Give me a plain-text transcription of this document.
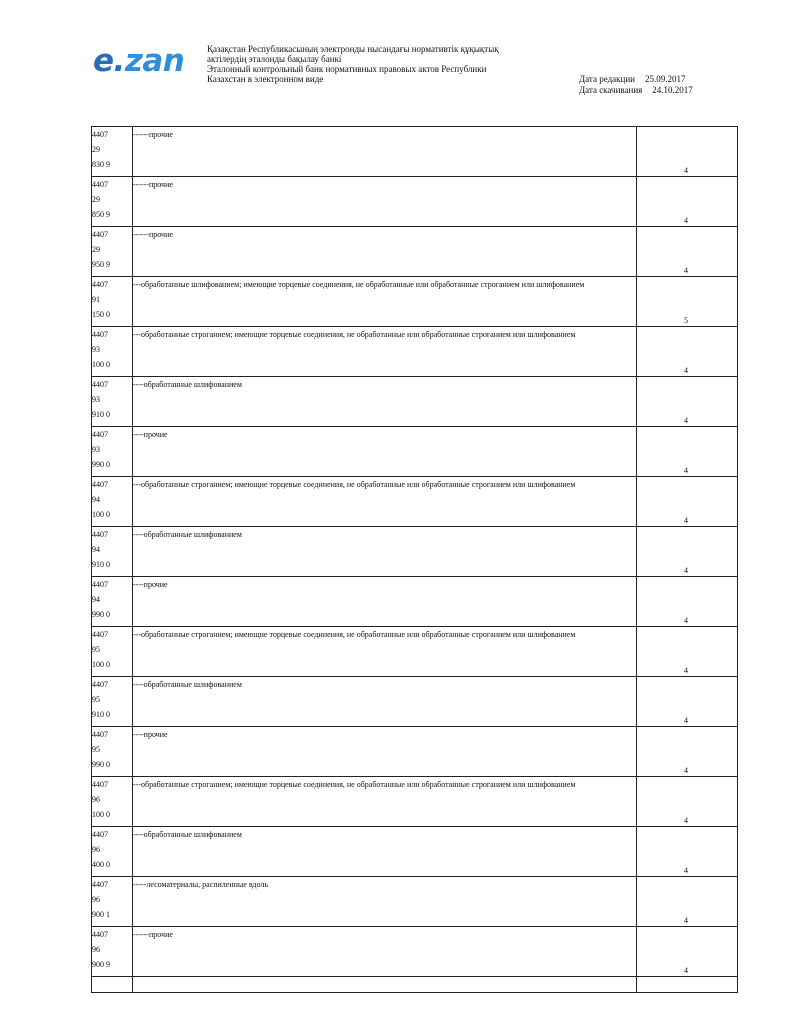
e.zan	Қазақстан Республикасының электронды нысандағы нормативтік құқықтық
актілердің эталонды бақылау банкі
Эталонный контрольный банк нормативных правовых актов Республики
Казахстан в электронном виде	Дата редакции 25.09.2017
Дата скачивания 24.10.2017
4407
29
830 9	------прочие	4

4407
29
850 9	------прочие	4

4407
29
950 9	------прочие	4

4407
91
150 0	---обработанные шлифованием; имеющие торцевые соединения, не обработанные или обработанные строганием или шлифованием	5

4407
93
100 0	---обработанные строганием; имеющие торцевые соединения, не обработанные или обработанные строганием или шлифованием	4

4407
93
910 0	----обработанные шлифованием	4

4407
93
990 0	----прочие	4

4407
94
100 0	---обработанные строганием; имеющие торцевые соединения, не обработанные или обработанные строганием или шлифованием	4

4407
94
910 0	----обработанные шлифованием	4

4407
94
990 0	----прочие	4

4407
95
100 0	---обработанные строганием; имеющие торцевые соединения, не обработанные или обработанные строганием или шлифованием	4

4407
95
910 0	----обработанные шлифованием	4

4407
95
990 0	----прочие	4

4407
96
100 0	---обработанные строганием; имеющие торцевые соединения, не обработанные или обработанные строганием или шлифованием	4

4407
96
400 0	----обработанные шлифованием	4

4407
96
900 1	-----лесоматериалы, распиленные вдоль	4

4407
96
900 9	------прочие	4
